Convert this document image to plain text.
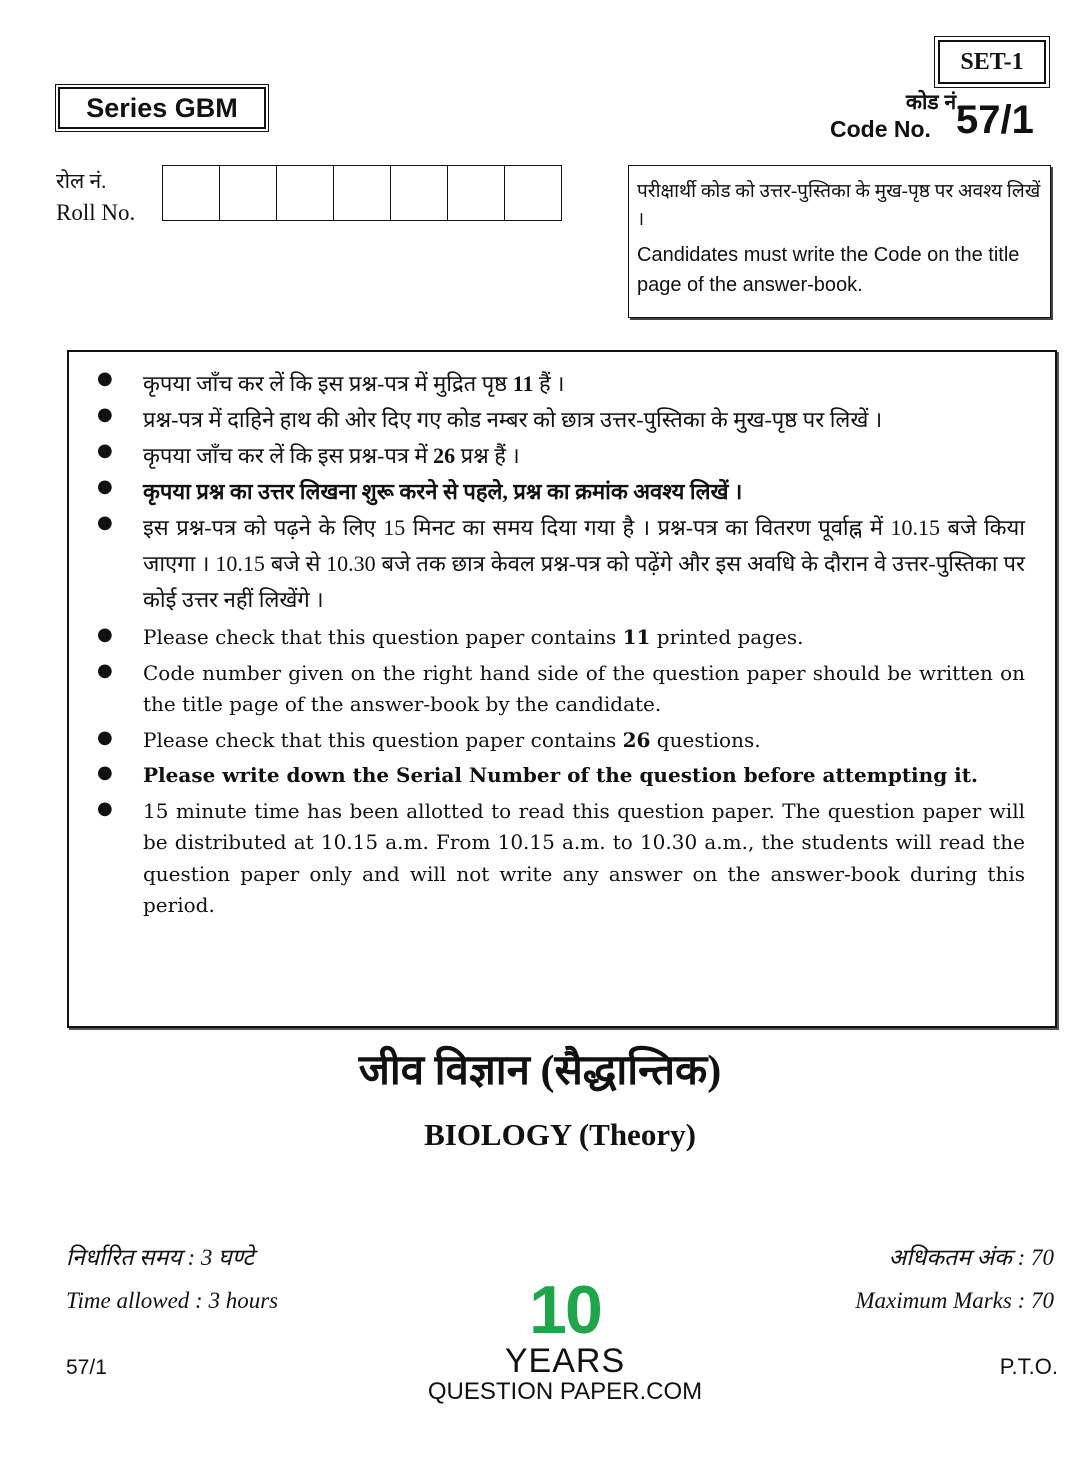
SET-1
Series GBM	कोड नं.
Code No. 57/1
रोल नं.
Roll No.
परीक्षार्थी कोड को उत्तर-पुस्तिका के मुख-पृष्ठ पर अवश्य लिखें ।
Candidates must write the Code on the title page of the answer-book.
●	कृपया जाँच कर लें कि इस प्रश्न-पत्र में मुद्रित पृष्ठ 11 हैं ।
●	प्रश्न-पत्र में दाहिने हाथ की ओर दिए गए कोड नम्बर को छात्र उत्तर-पुस्तिका के मुख-पृष्ठ पर लिखें ।
●	कृपया जाँच कर लें कि इस प्रश्न-पत्र में 26 प्रश्न हैं ।
●	कृपया प्रश्न का उत्तर लिखना शुरू करने से पहले, प्रश्न का क्रमांक अवश्य लिखें ।
●	इस प्रश्न-पत्र को पढ़ने के लिए 15 मिनट का समय दिया गया है । प्रश्न-पत्र का वितरण पूर्वाह्न में 10.15 बजे किया जाएगा । 10.15 बजे से 10.30 बजे तक छात्र केवल प्रश्न-पत्र को पढ़ेंगे और इस अवधि के दौरान वे उत्तर-पुस्तिका पर कोई उत्तर नहीं लिखेंगे ।
●	Please check that this question paper contains 11 printed pages.
●	Code number given on the right hand side of the question paper should be written on the title page of the answer-book by the candidate.
●	Please check that this question paper contains 26 questions.
●	Please write down the Serial Number of the question before attempting it.
●	15 minute time has been allotted to read this question paper. The question paper will be distributed at 10.15 a.m. From 10.15 a.m. to 10.30 a.m., the students will read the question paper only and will not write any answer on the answer-book during this period.
जीव विज्ञान (सैद्धान्तिक)
BIOLOGY (Theory)
निर्धारित समय : 3 घण्टे
Time allowed : 3 hours
अधिकतम अंक : 70
Maximum Marks : 70
57/1	P.T.O.
10
YEARS
QUESTION PAPER.COM
